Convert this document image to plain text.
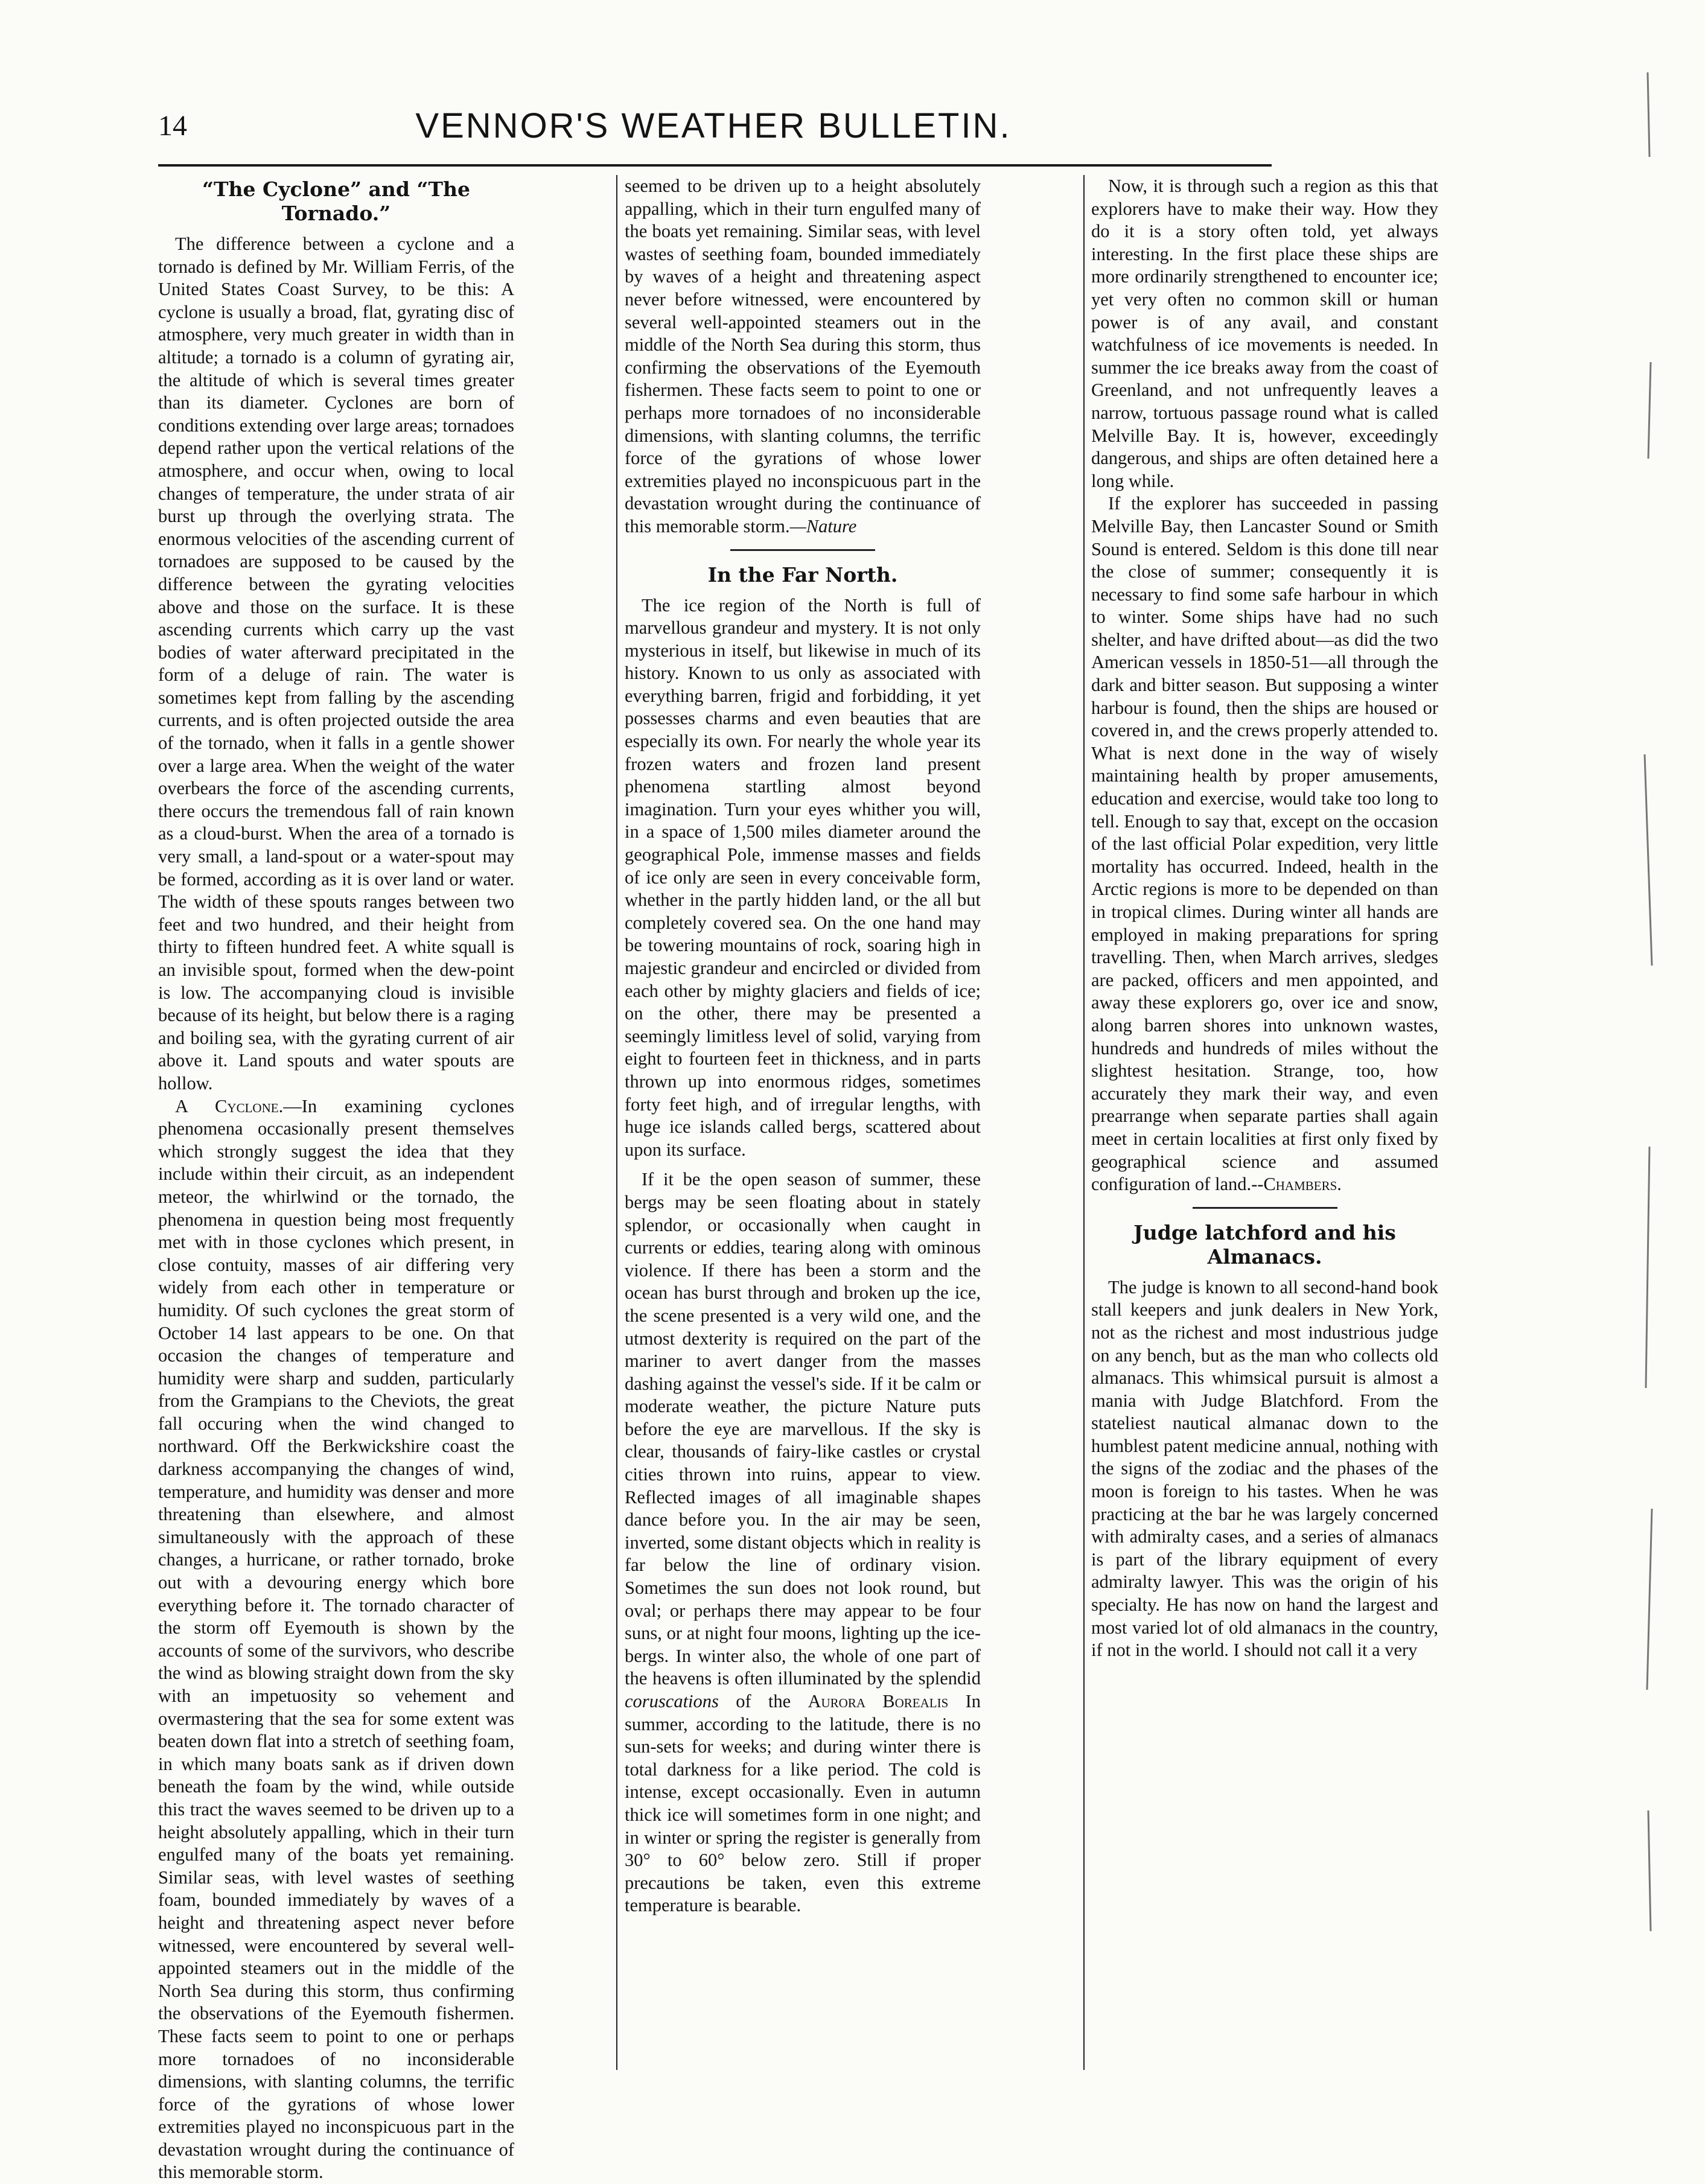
14	VENNOR'S WEATHER BULLETIN.
“The Cyclone” and “The Tornado.”

The difference between a cyclone and a tornado is defined by Mr. William Ferris, of the United States Coast Survey, to be this: A cyclone is usually a broad, flat, gyrating disc of atmosphere, very much greater in width than in altitude; a tornado is a column of gyrating air, the altitude of which is several times greater than its diameter. Cyclones are born of conditions extending over large areas; tornadoes depend rather upon the vertical relations of the atmosphere, and occur when, owing to local changes of temperature, the under strata of air burst up through the overlying strata. The enormous velocities of the ascending current of tornadoes are supposed to be caused by the difference between the gyrating velocities above and those on the surface. It is these ascending currents which carry up the vast bodies of water afterward precipitated in the form of a deluge of rain. The water is sometimes kept from falling by the ascending currents, and is often projected outside the area of the tornado, when it falls in a gentle shower over a large area. When the weight of the water overbears the force of the ascending currents, there occurs the tremendous fall of rain known as a cloud-burst. When the area of a tornado is very small, a land-spout or a water-spout may be formed, according as it is over land or water. The width of these spouts ranges between two feet and two hundred, and their height from thirty to fifteen hundred feet. A white squall is an invisible spout, formed when the dew-point is low. The accompanying cloud is invisible because of its height, but below there is a raging and boiling sea, with the gyrating current of air above it. Land spouts and water spouts are hollow.

A Cyclone.—In examining cyclones phenomena occasionally present themselves which strongly suggest the idea that they include within their circuit, as an independent meteor, the whirlwind or the tornado, the phenomena in question being most frequently met with in those cyclones which present, in close contuity, masses of air differing very widely from each other in temperature or humidity. Of such cyclones the great storm of October 14 last appears to be one. On that occasion the changes of temperature and humidity were sharp and sudden, particularly from the Grampians to the Cheviots, the great fall occuring when the wind changed to northward. Off the Berkwickshire coast the darkness accompanying the changes of wind, temperature, and humidity was denser and more threatening than elsewhere, and almost simultaneously with the approach of these changes, a hurricane, or rather tornado, broke out with a devouring energy which bore everything before it. The tornado character of the storm off Eyemouth is shown by the accounts of some of the survivors, who describe the wind as blowing straight down from the sky with an impetuosity so vehement and overmastering that the sea for some extent was beaten down flat into a stretch of seething foam, in which many boats sank as if driven down beneath the foam by the wind, while outside this tract the waves seemed to be driven up to a height absolutely appalling, which in their turn engulfed many of the boats yet remaining. Similar seas, with level wastes of seething foam, bounded immediately by waves of a height and threatening aspect never before witnessed, were encountered by several well-appointed steamers out in the middle of the North Sea during this storm, thus confirming the observations of the Eyemouth fishermen. These facts seem to point to one or perhaps more tornadoes of no inconsiderable dimensions, with slanting columns, the terrific force of the gyrations of whose lower extremities played no inconspicuous part in the devastation wrought during the continuance of this memorable storm.

seemed to be driven up to a height absolutely appalling, which in their turn engulfed many of the boats yet remaining. Similar seas, with level wastes of seething foam, bounded immediately by waves of a height and threatening aspect never before witnessed, were encountered by several well-appointed steamers out in the middle of the North Sea during this storm, thus confirming the observations of the Eyemouth fishermen. These facts seem to point to one or perhaps more tornadoes of no inconsiderable dimensions, with slanting columns, the terrific force of the gyrations of whose lower extremities played no inconspicuous part in the devastation wrought during the continuance of this memorable storm.—Nature

In the Far North.

The ice region of the North is full of marvellous grandeur and mystery. It is not only mysterious in itself, but likewise in much of its history. Known to us only as associated with everything barren, frigid and forbidding, it yet possesses charms and even beauties that are especially its own. For nearly the whole year its frozen waters and frozen land present phenomena startling almost beyond imagination. Turn your eyes whither you will, in a space of 1,500 miles diameter around the geographical Pole, immense masses and fields of ice only are seen in every conceivable form, whether in the partly hidden land, or the all but completely covered sea. On the one hand may be towering mountains of rock, soaring high in majestic grandeur and encircled or divided from each other by mighty glaciers and fields of ice; on the other, there may be presented a seemingly limitless level of solid, varying from eight to fourteen feet in thickness, and in parts thrown up into enormous ridges, sometimes forty feet high, and of irregular lengths, with huge ice islands called bergs, scattered about upon its surface.

If it be the open season of summer, these bergs may be seen floating about in stately splendor, or occasionally when caught in currents or eddies, tearing along with ominous violence. If there has been a storm and the ocean has burst through and broken up the ice, the scene presented is a very wild one, and the utmost dexterity is required on the part of the mariner to avert danger from the masses dashing against the vessel's side. If it be calm or moderate weather, the picture Nature puts before the eye are marvellous. If the sky is clear, thousands of fairy-like castles or crystal cities thrown into ruins, appear to view. Reflected images of all imaginable shapes dance before you. In the air may be seen, inverted, some distant objects which in reality is far below the line of ordinary vision. Sometimes the sun does not look round, but oval; or perhaps there may appear to be four suns, or at night four moons, lighting up the ice-bergs. In winter also, the whole of one part of the heavens is often illuminated by the splendid coruscations of the Aurora Borealis In summer, according to the latitude, there is no sun-sets for weeks; and during winter there is total darkness for a like period. The cold is intense, except occasionally. Even in autumn thick ice will sometimes form in one night; and in winter or spring the register is generally from 30° to 60° below zero. Still if proper precautions be taken, even this extreme temperature is bearable.

Now, it is through such a region as this that explorers have to make their way. How they do it is a story often told, yet always interesting. In the first place these ships are more ordinarily strengthened to encounter ice; yet very often no common skill or human power is of any avail, and constant watchfulness of ice movements is needed. In summer the ice breaks away from the coast of Greenland, and not unfrequently leaves a narrow, tortuous passage round what is called Melville Bay. It is, however, exceedingly dangerous, and ships are often detained here a long while.

If the explorer has succeeded in passing Melville Bay, then Lancaster Sound or Smith Sound is entered. Seldom is this done till near the close of summer; consequently it is necessary to find some safe harbour in which to winter. Some ships have had no such shelter, and have drifted about—as did the two American vessels in 1850-51—all through the dark and bitter season. But supposing a winter harbour is found, then the ships are housed or covered in, and the crews properly attended to. What is next done in the way of wisely maintaining health by proper amusements, education and exercise, would take too long to tell. Enough to say that, except on the occasion of the last official Polar expedition, very little mortality has occurred. Indeed, health in the Arctic regions is more to be depended on than in tropical climes. During winter all hands are employed in making preparations for spring travelling. Then, when March arrives, sledges are packed, officers and men appointed, and away these explorers go, over ice and snow, along barren shores into unknown wastes, hundreds and hundreds of miles without the slightest hesitation. Strange, too, how accurately they mark their way, and even prearrange when separate parties shall again meet in certain localities at first only fixed by geographical science and assumed configuration of land.--Chambers.

Judge latchford and his Almanacs.

The judge is known to all second-hand book stall keepers and junk dealers in New York, not as the richest and most industrious judge on any bench, but as the man who collects old almanacs. This whimsical pursuit is almost a mania with Judge Blatchford. From the stateliest nautical almanac down to the humblest patent medicine annual, nothing with the signs of the zodiac and the phases of the moon is foreign to his tastes. When he was practicing at the bar he was largely concerned with admiralty cases, and a series of almanacs is part of the library equipment of every admiralty lawyer. This was the origin of his specialty. He has now on hand the largest and most varied lot of old almanacs in the country, if not in the world. I should not call it a very
